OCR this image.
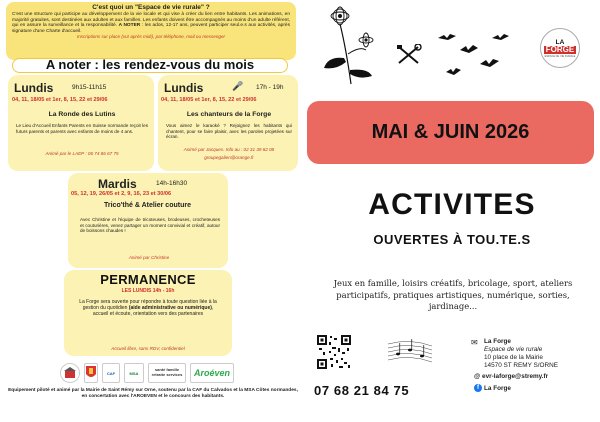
C'est quoi un "Espace de vie rurale" ?
C'est une structure qui participe au développement de la vie locale et qui vise à créer du lien entre habitants. Les animations, en majorité gratuites, sont destinées aux adultes et aux familles. Les enfants doivent être accompagnés au moins d'un adulte référent, qui en assure la surveillance et la responsabilité. A NOTER : les ados, 12-17 ans, peuvent participer seul.e.s aux activités, après signature d'une Charte d'accueil.
Inscriptions sur place (vu! après midi), par téléphone, mail ou messenger
A noter : les rendez-vous du mois
Lundis	9h15-11h15
04, 11, 18/05 et 1er, 8, 15, 22 et 29/06
La Ronde des Lutins
Le Lieu d'Accueil Enfants Parents en Suisse normande reçoit les futurs parents et parents avec enfants de moins de 4 ans.
Animé par le LAEP : 06 74 86 67 75
Lundis	🎤 17h - 19h
04, 11, 18/05 et 1er, 8, 15, 22 et 29/06
Les chanteurs de la Forge
Vous aimez le karaoké ? Rejoignez les habitants qui chantent, pour se faire plaisir, avec les paroles projetées sur écran.
Animé par Jacques. Info au : 02 31 39 82 08
groupegalien@orange.fr
Mardis	14h-16h30
05, 12, 19, 26/05 et 2, 9, 16, 23 et 30/06
Trico'thé & Atelier couture
Avec Christine et l'équipe de tricoteuses, brodeuses, crocheteuses et couturières, venez partager un moment convivial et créatif, autour de boissons chaudes !
Animé par Christine
PERMANENCE
LES LUNDIS 14h - 16h
La Forge sera ouverte pour répondre à toute question liée à la gestion du quotidien (aide administrative ou numérique), accueil et écoute, orientation vers des partenaires
Accueil libre, sans RDV, confidentiel
CAF	MSA
santé famille retraite services	Aroéven
Equipement piloté et animé par la Mairie de Saint Rémy sur Orne, soutenu par la CAF du Calvados et la MSA Côtes normandes, en concertation avec l'AROEVEN et le concours des habitants.
LA
FORGE
ESPACE DE VIE RURALE
MAI & JUIN 2026
ACTIVITES
OUVERTES À TOU.TE.S
Jeux en famille, loisirs créatifs, bricolage, sport, ateliers participatifs, pratiques artistiques, numérique, sorties, jardinage...
07 68 21 84 75
✉ La Forge
Espace de vie rurale
10 place de la Mairie
14570 ST REMY S/ORNE
@ evr-laforge@stremy.fr
f La Forge
